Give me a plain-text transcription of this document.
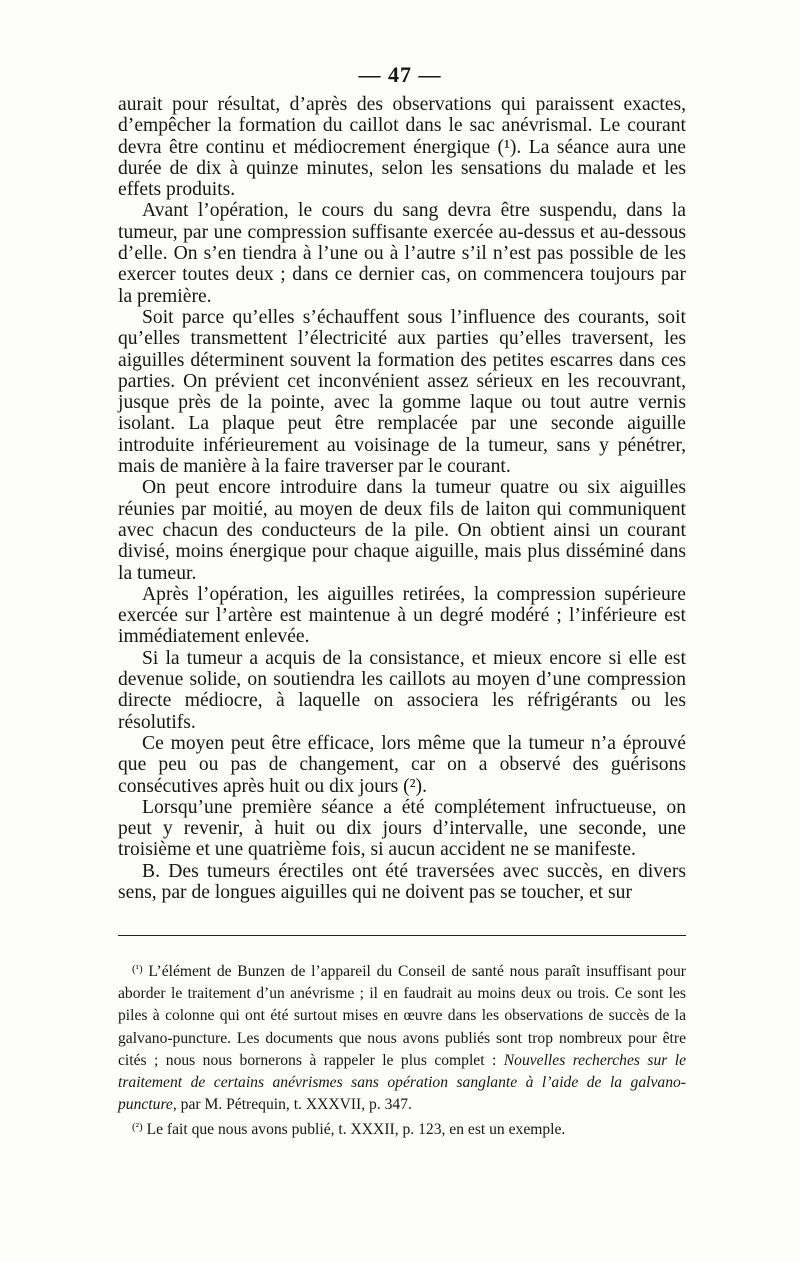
— 47 —

aurait pour résultat, d’après des observations qui paraissent exactes, d’empêcher la formation du caillot dans le sac anévrismal. Le courant devra être continu et médiocrement énergique (¹). La séance aura une durée de dix à quinze minutes, selon les sensations du malade et les effets produits.

Avant l’opération, le cours du sang devra être suspendu, dans la tumeur, par une compression suffisante exercée au-dessus et au-dessous d’elle. On s’en tiendra à l’une ou à l’autre s’il n’est pas possible de les exercer toutes deux ; dans ce dernier cas, on commencera toujours par la première.

Soit parce qu’elles s’échauffent sous l’influence des courants, soit qu’elles transmettent l’électricité aux parties qu’elles traversent, les aiguilles déterminent souvent la formation des petites escarres dans ces parties. On prévient cet inconvénient assez sérieux en les recouvrant, jusque près de la pointe, avec la gomme laque ou tout autre vernis isolant. La plaque peut être remplacée par une seconde aiguille introduite inférieurement au voisinage de la tumeur, sans y pénétrer, mais de manière à la faire traverser par le courant.

On peut encore introduire dans la tumeur quatre ou six aiguilles réunies par moitié, au moyen de deux fils de laiton qui communiquent avec chacun des conducteurs de la pile. On obtient ainsi un courant divisé, moins énergique pour chaque aiguille, mais plus disséminé dans la tumeur.

Après l’opération, les aiguilles retirées, la compression supérieure exercée sur l’artère est maintenue à un degré modéré ; l’inférieure est immédiatement enlevée.

Si la tumeur a acquis de la consistance, et mieux encore si elle est devenue solide, on soutiendra les caillots au moyen d’une compression directe médiocre, à laquelle on associera les réfrigérants ou les résolutifs.

Ce moyen peut être efficace, lors même que la tumeur n’a éprouvé que peu ou pas de changement, car on a observé des guérisons consécutives après huit ou dix jours (²).

Lorsqu’une première séance a été complétement infructueuse, on peut y revenir, à huit ou dix jours d’intervalle, une seconde, une troisième et une quatrième fois, si aucun accident ne se manifeste.

B. Des tumeurs érectiles ont été traversées avec succès, en divers sens, par de longues aiguilles qui ne doivent pas se toucher, et sur

( $^{^1}$ ) L’élément de Bunzen de l’appareil du Conseil de santé nous paraît insuffisant pour aborder le traitement d’un anévrisme ; il en faudrait au moins deux ou trois. Ce sont les piles à colonne qui ont été surtout mises en œuvre dans les observations de succès de la galvano-puncture. Les documents que nous avons publiés sont trop nombreux pour être cités ; nous nous bornerons à rappeler le plus complet : Nouvelles recherches sur le traitement de certains anévrismes sans opération sanglante à l’aide de la galvano-puncture, par M. Pétrequin, t. XXXVII, p. 347.

( $^{^2}$ ) Le fait que nous avons publié, t. XXXII, p. 123, en est un exemple.
